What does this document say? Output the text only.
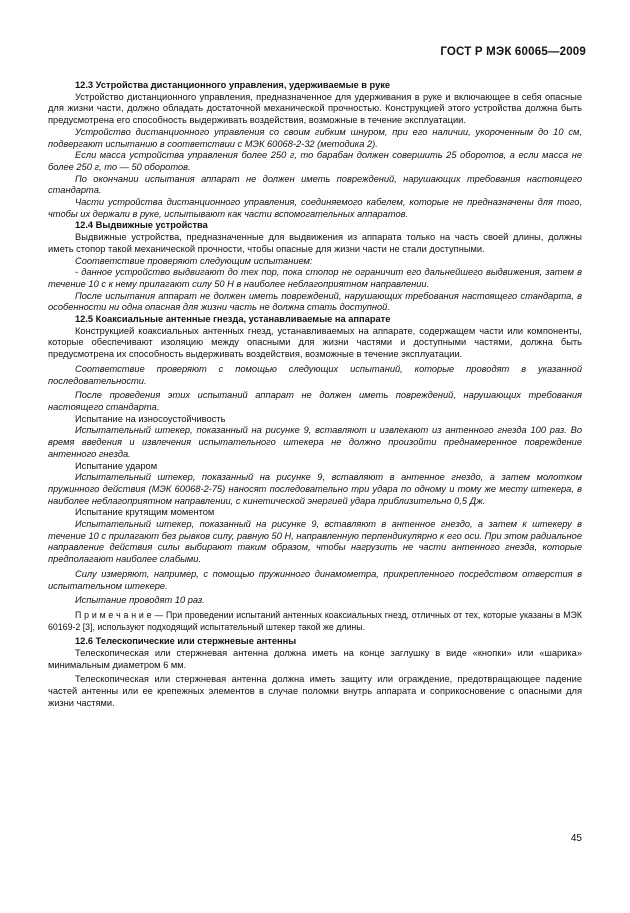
ГОСТ Р МЭК 60065—2009

12.3 Устройства дистанционного управления, удерживаемые в руке

Устройство дистанционного управления, предназначенное для удерживания в руке и включающее в себя опасные для жизни части, должно обладать достаточной механической прочностью. Конструкцией этого устройства должна быть предусмотрена его способность выдерживать воздействия, возможные в течение эксплуатации.

Устройство дистанционного управления со своим гибким шнуром, при его наличии, укороченным до 10 см, подвергают испытанию в соответствии с МЭК 60068-2-32 (методика 2).

Если масса устройства управления более 250 г, то барабан должен совершить 25 оборотов, а если масса не более 250 г, то — 50 оборотов.

По окончании испытания аппарат не должен иметь повреждений, нарушающих требования настоящего стандарта.

Части устройства дистанционного управления, соединяемого кабелем, которые не предназначены для того, чтобы их держали в руке, испытывают как части вспомогательных аппаратов.

12.4 Выдвижные устройства

Выдвижные устройства, предназначенные для выдвижения из аппарата только на часть своей длины, должны иметь стопор такой механической прочности, чтобы опасные для жизни части не стали доступными.

Соответствие проверяют следующим испытанием:

- данное устройство выдвигают до тех пор, пока стопор не ограничит его дальнейшего выдвижения, затем в течение 10 с к нему прилагают силу 50 Н в наиболее неблагоприятном направлении.

После испытания аппарат не должен иметь повреждений, нарушающих требования настоящего стандарта, в особенности ни одна опасная для жизни часть не должна стать доступной.

12.5 Коаксиальные антенные гнезда, устанавливаемые на аппарате

Конструкцией коаксиальных антенных гнезд, устанавливаемых на аппарате, содержащем части или компоненты, которые обеспечивают изоляцию между опасными для жизни частями и доступными частями, должна быть предусмотрена их способность выдерживать воздействия, возможные в течение эксплуатации.

Соответствие проверяют с помощью следующих испытаний, которые проводят в указанной последовательности.

После проведения этих испытаний аппарат не должен иметь повреждений, нарушающих требования настоящего стандарта.

Испытание на износоустойчивость

Испытательный штекер, показанный на рисунке 9, вставляют и извлекают из антенного гнезда 100 раз. Во время введения и извлечения испытательного штекера не должно произойти преднамеренное повреждение антенного гнезда.

Испытание ударом

Испытательный штекер, показанный на рисунке 9, вставляют в антенное гнездо, а затем молотком пружинного действия (МЭК 60068-2-75) наносят последовательно три удара по одному и тому же месту штекера, в наиболее неблагоприятном направлении, с кинетической энергией удара приблизительно 0,5 Дж.

Испытание крутящим моментом

Испытательный штекер, показанный на рисунке 9, вставляют в антенное гнездо, а затем к штекеру в течение 10 с прилагают без рывков силу, равную 50 Н, направленную перпендикулярно к его оси. При этом радиальное направление действия силы выбирают таким образом, чтобы нагрузить не части антенного гнезда, которые предполагают наиболее слабыми.

Силу измеряют, например, с помощью пружинного динамометра, прикрепленного посредством отверстия в испытательном штекере.

Испытание проводят 10 раз.

П р и м е ч а н и е — При проведении испытаний антенных коаксиальных гнезд, отличных от тех, которые указаны в МЭК 60169-2 [3], используют подходящий испытательный штекер такой же длины.

12.6 Телескопические или стержневые антенны

Телескопическая или стержневая антенна должна иметь на конце заглушку в виде «кнопки» или «шарика» минимальным диаметром 6 мм.

Телескопическая или стержневая антенна должна иметь защиту или ограждение, предотвращающее падение частей антенны или ее крепежных элементов в случае поломки внутрь аппарата и соприкосновение с опасными для жизни частями.

45
